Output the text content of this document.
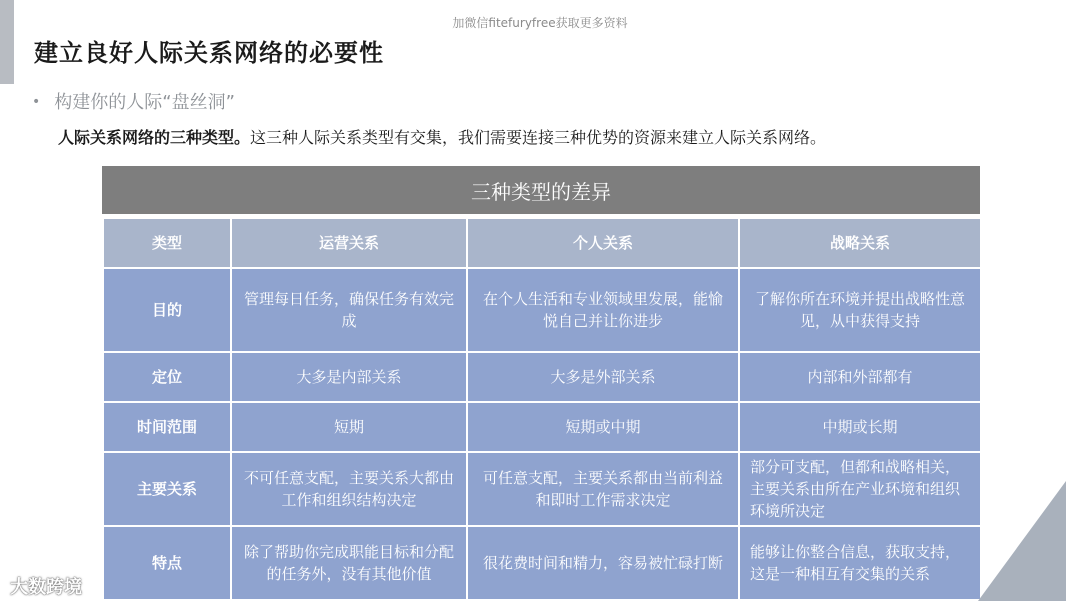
加微信fitefuryfree获取更多资料
建立良好人际关系网络的必要性
• 构建你的人际“盘丝洞”
人际关系网络的三种类型。这三种人际关系类型有交集，我们需要连接三种优势的资源来建立人际关系网络。
三种类型的差异
类型	运营关系	个人关系	战略关系
目的	管理每日任务，确保任务有效完成	在个人生活和专业领域里发展，能愉悦自己并让你进步	了解你所在环境并提出战略性意见，从中获得支持
定位	大多是内部关系	大多是外部关系	内部和外部都有
时间范围	短期	短期或中期	中期或长期
主要关系	不可任意支配，主要关系大都由工作和组织结构决定	可任意支配，主要关系都由当前利益和即时工作需求决定	部分可支配，但都和战略相关，主要关系由所在产业环境和组织环境所决定
特点	除了帮助你完成职能目标和分配的任务外，没有其他价值	很花费时间和精力，容易被忙碌打断	能够让你整合信息，获取支持，这是一种相互有交集的关系
大数跨境
